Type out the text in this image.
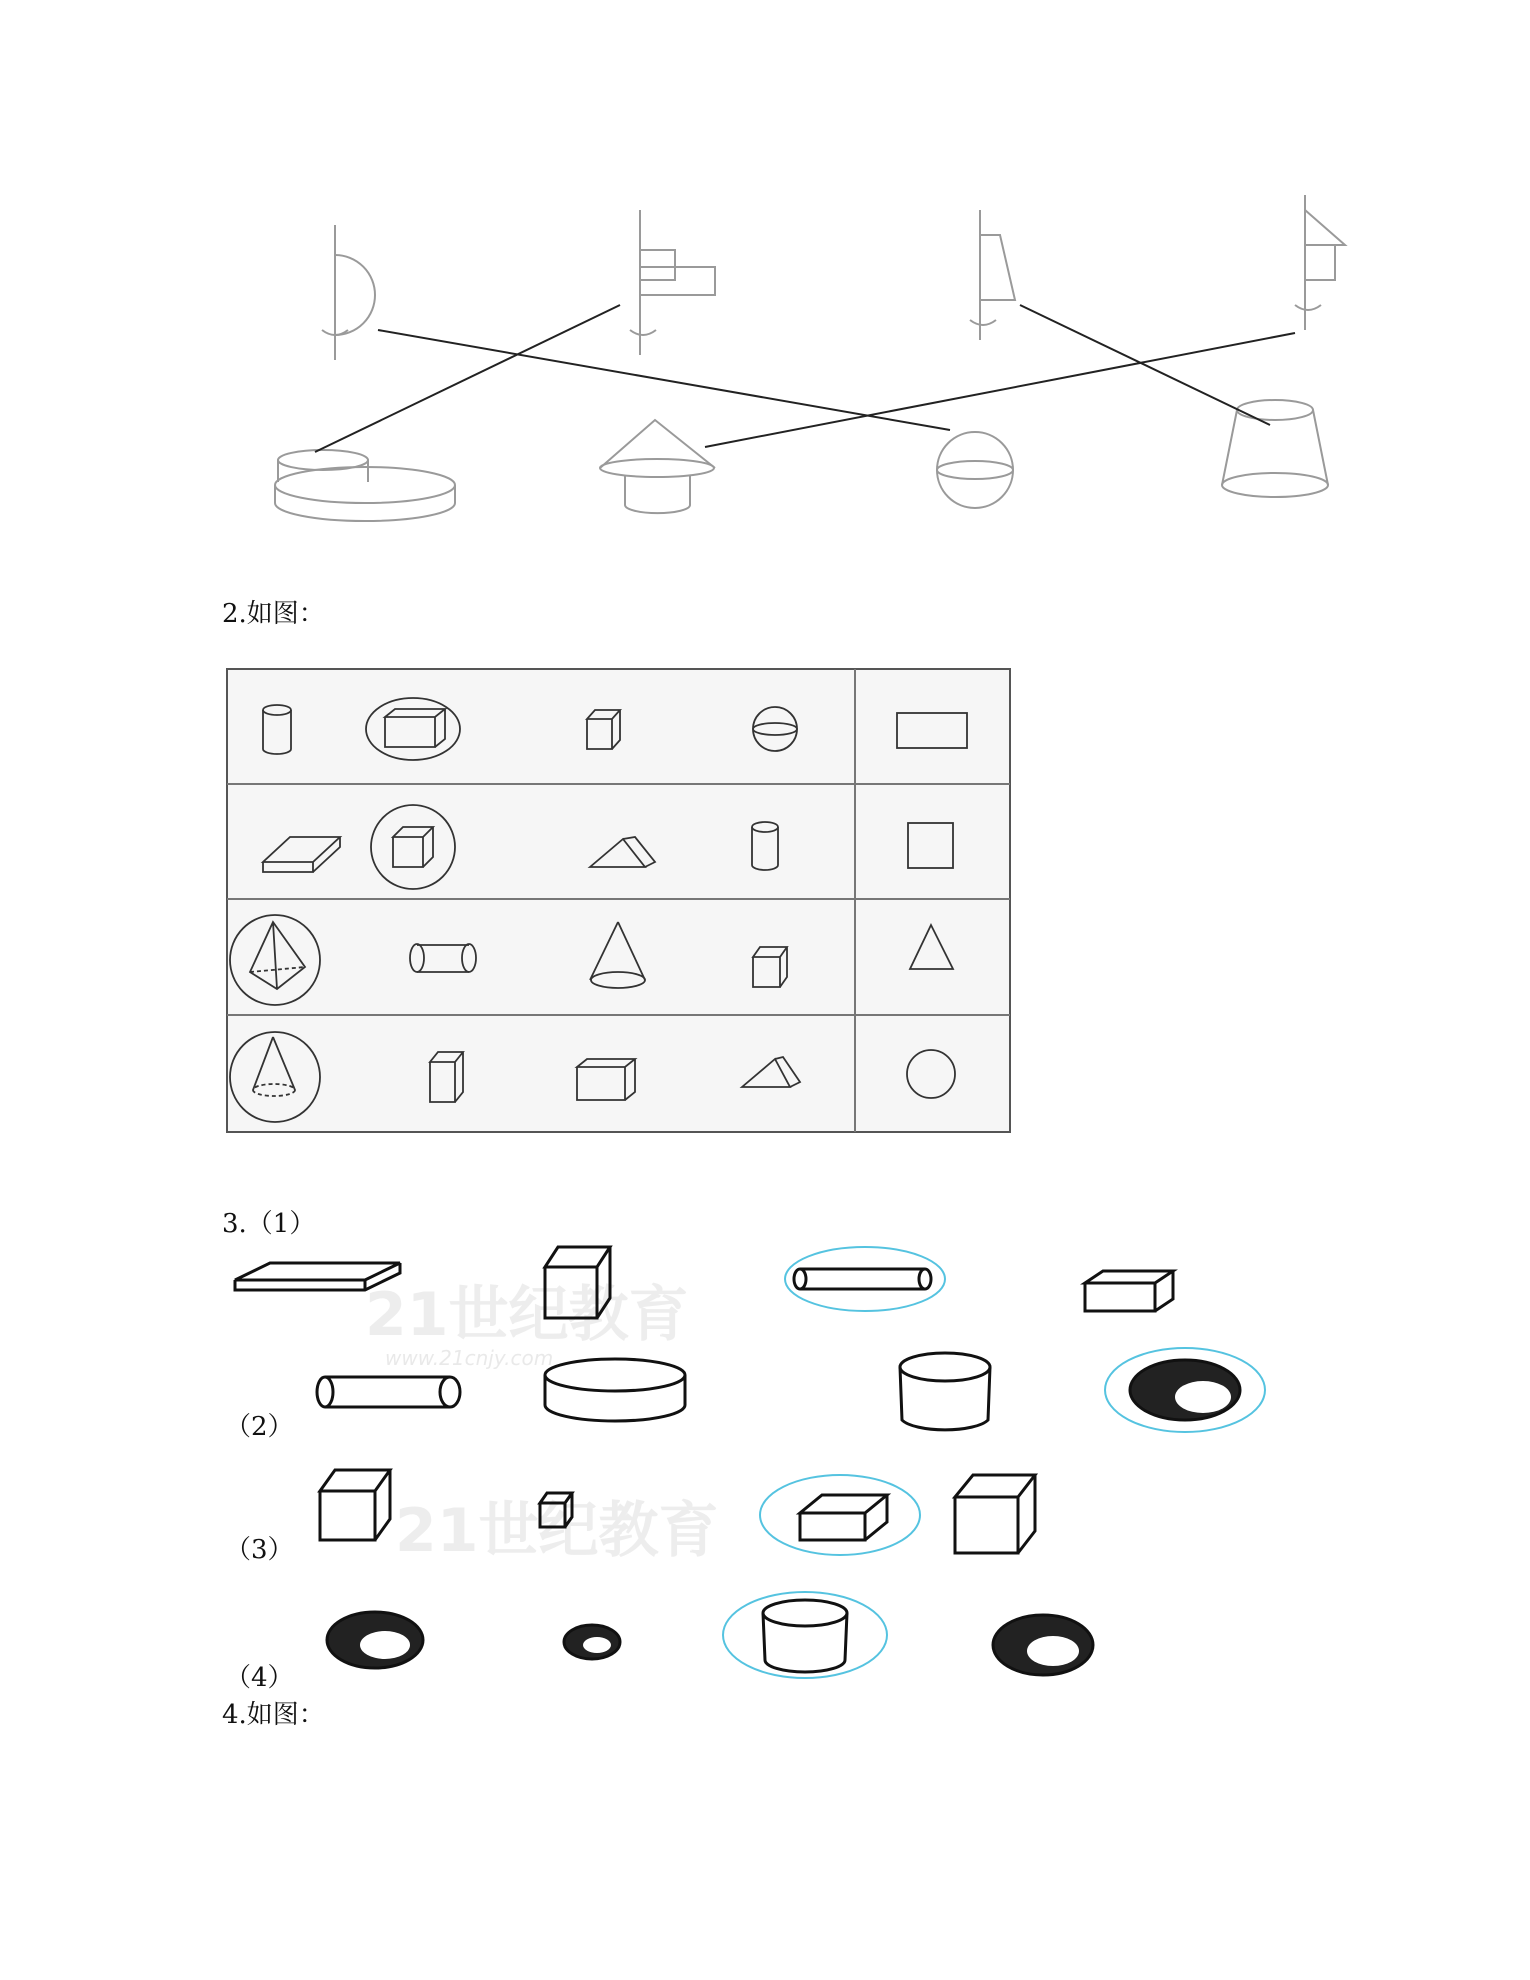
2.如图：
3.（1）
21世纪教育
21世纪教育
www.21cnjy.com
（2）
（3）
（4）
4.如图：
